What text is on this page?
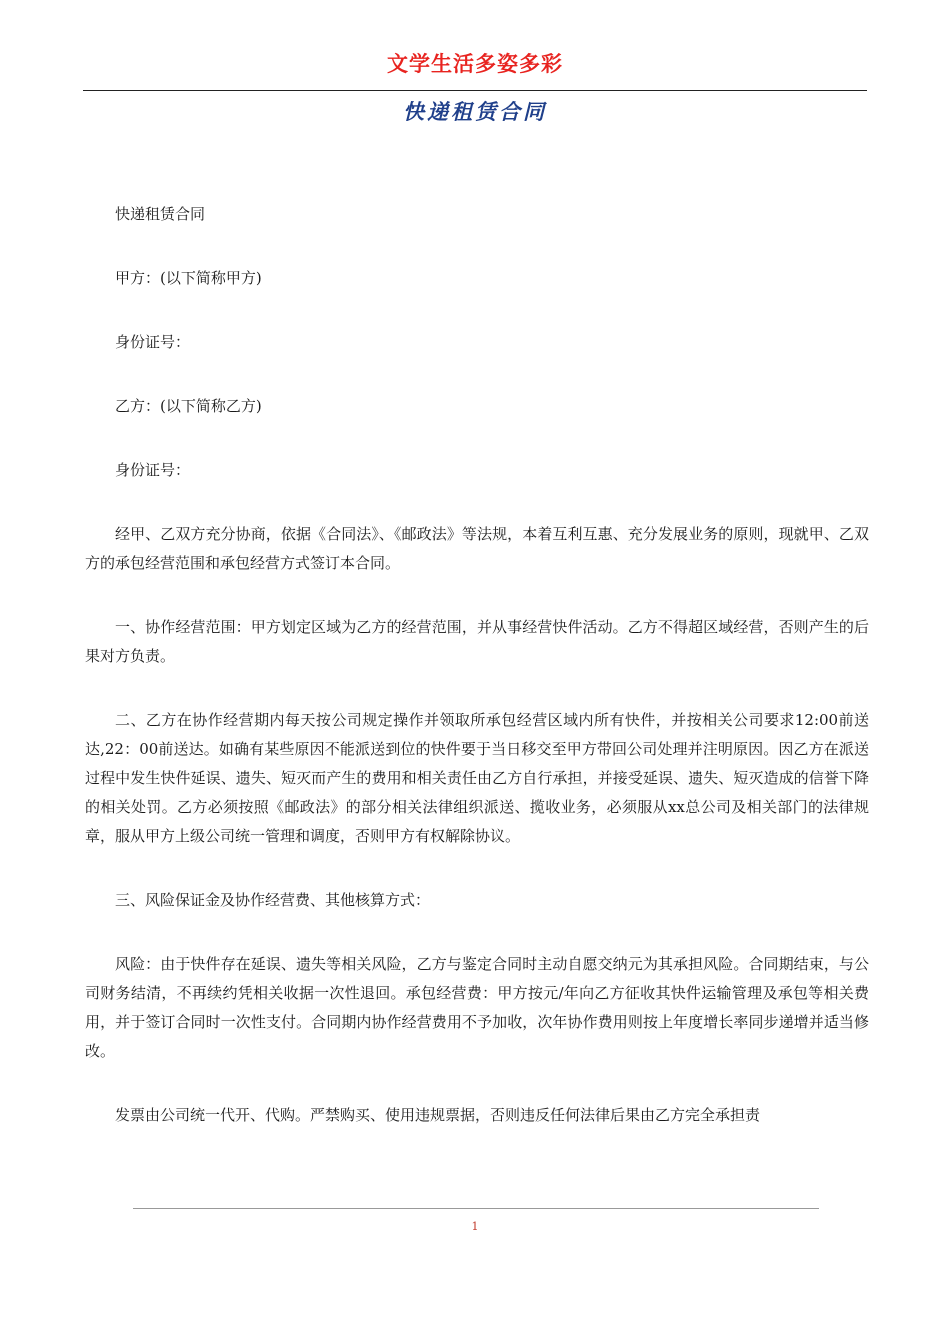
文学生活多姿多彩
快递租赁合同

快递租赁合同

甲方：(以下简称甲方)

身份证号：

乙方：(以下简称乙方)

身份证号：

经甲、乙双方充分协商，依据《合同法》、《邮政法》等法规，本着互利互惠、充分发展业务的原则，现就甲、乙双方的承包经营范围和承包经营方式签订本合同。

一、协作经营范围：甲方划定区域为乙方的经营范围，并从事经营快件活动。乙方不得超区域经营，否则产生的后果对方负责。

二、乙方在协作经营期内每天按公司规定操作并领取所承包经营区域内所有快件，并按相关公司要求12:00前送达,22：00前送达。如确有某些原因不能派送到位的快件要于当日移交至甲方带回公司处理并注明原因。因乙方在派送过程中发生快件延误、遗失、短灭而产生的费用和相关责任由乙方自行承担，并接受延误、遗失、短灭造成的信誉下降的相关处罚。乙方必须按照《邮政法》的部分相关法律组织派送、揽收业务，必须服从xx总公司及相关部门的法律规章，服从甲方上级公司统一管理和调度，否则甲方有权解除协议。

三、风险保证金及协作经营费、其他核算方式：

风险：由于快件存在延误、遗失等相关风险，乙方与鉴定合同时主动自愿交纳元为其承担风险。合同期结束，与公司财务结清，不再续约凭相关收据一次性退回。承包经营费：甲方按元/年向乙方征收其快件运输管理及承包等相关费用，并于签订合同时一次性支付。合同期内协作经营费用不予加收，次年协作费用则按上年度增长率同步递增并适当修改。

发票由公司统一代开、代购。严禁购买、使用违规票据，否则违反任何法律后果由乙方完全承担责

1
